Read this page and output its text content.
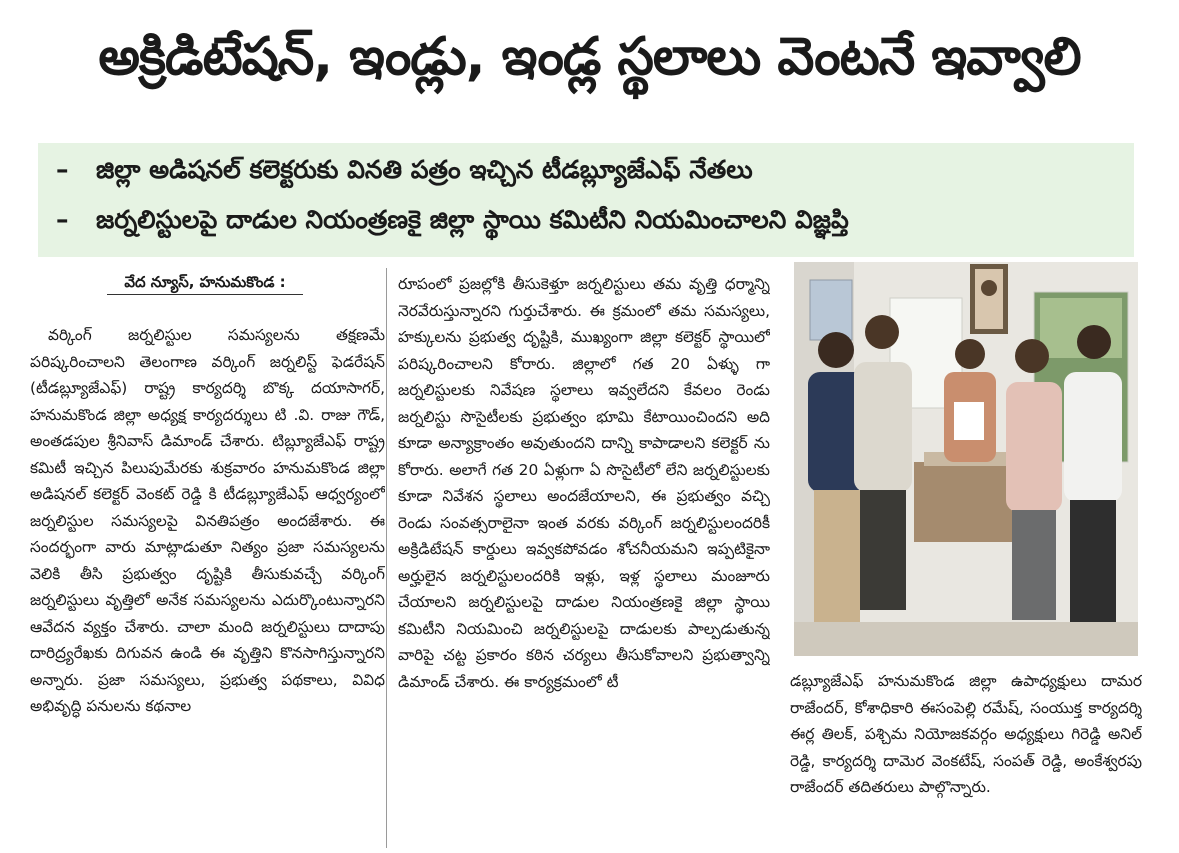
అక్రిడిటేషన్, ఇండ్లు, ఇండ్ల స్థలాలు వెంటనే ఇవ్వాలి
– జిల్లా అడిషనల్ కలెక్టరుకు వినతి పత్రం ఇచ్చిన టీడబ్ల్యూజేఎఫ్ నేతలు
– జర్నలిస్టులపై దాడుల నియంత్రణకై జిల్లా స్థాయి కమిటీని నియమించాలని విజ్ఞప్తి
వేద న్యూస్, హనుమకొండ :
వర్కింగ్ జర్నలిస్టుల సమస్యలను తక్షణమే పరిష్కరించాలని తెలంగాణ వర్కింగ్ జర్నలిస్ట్ ఫెడరేషన్ (టీడబ్ల్యూజేఎఫ్) రాష్ట్ర కార్యదర్శి బొక్క దయాసాగర్, హనుమకొండ జిల్లా అధ్యక్ష కార్యదర్శులు టి .వి. రాజు గౌడ్, అంతడపుల శ్రీనివాస్ డిమాండ్ చేశారు. టిబ్ల్యూజేఎఫ్ రాష్ట్ర కమిటీ ఇచ్చిన పిలుపుమేరకు శుక్రవారం హనుమకొండ జిల్లా అడిషనల్ కలెక్టర్ వెంకట్ రెడ్డి కి టీడబ్ల్యూజేఎఫ్ ఆధ్వర్యంలో జర్నలిస్టుల సమస్యలపై వినతిపత్రం అందజేశారు. ఈ సందర్భంగా వారు మాట్లాడుతూ నిత్యం ప్రజా సమస్యలను వెలికి తీసి ప్రభుత్వం దృష్టికి తీసుకువచ్చే వర్కింగ్ జర్నలిస్టులు వృత్తిలో అనేక సమస్యలను ఎదుర్కొంటున్నారని ఆవేదన వ్యక్తం చేశారు. చాలా మంది జర్నలిస్టులు దాదాపు దారిద్ర్యరేఖకు దిగువన ఉండి ఈ వృత్తిని కొనసాగిస్తున్నారని అన్నారు. ప్రజా సమస్యలు, ప్రభుత్వ పథకాలు, వివిధ అభివృద్ధి పనులను కథనాల
రూపంలో ప్రజల్లోకి తీసుకెళ్తూ జర్నలిస్టులు తమ వృత్తి ధర్మాన్ని నెరవేరుస్తున్నారని గుర్తుచేశారు. ఈ క్రమంలో తమ సమస్యలు, హక్కులను ప్రభుత్వ దృష్టికి, ముఖ్యంగా జిల్లా కలెక్టర్ స్థాయిలో పరిష్కరించాలని కోరారు. జిల్లాలో గత 20 ఏళ్ళు గా జర్నలిస్టులకు నివేషణ స్థలాలు ఇవ్వలేదని కేవలం రెండు జర్నలిస్టు సొసైటీలకు ప్రభుత్వం భూమి కేటాయించిందని అది కూడా అన్యాక్రాంతం అవుతుందని దాన్ని కాపాడాలని కలెక్టర్ ను కోరారు. అలాగే గత 20 ఏళ్లుగా ఏ సొసైటీలో లేని జర్నలిస్టులకు కూడా నివేశన స్థలాలు అందజేయాలని, ఈ ప్రభుత్వం వచ్చి రెండు సంవత్సరాలైనా ఇంత వరకు వర్కింగ్ జర్నలిస్టులందరికీ అక్రిడిటేషన్ కార్డులు ఇవ్వకపోవడం శోచనీయమని ఇప్పటికైనా అర్హులైన జర్నలిస్టులందరికి ఇళ్లు, ఇళ్ల స్థలాలు మంజూరు చేయాలని జర్నలిస్టులపై దాడుల నియంత్రణకై జిల్లా స్థాయి కమిటీని నియమించి జర్నలిస్టులపై దాడులకు పాల్పడుతున్న వారిపై చట్ట ప్రకారం కఠిన చర్యలు తీసుకోవాలని ప్రభుత్వాన్ని డిమాండ్ చేశారు. ఈ కార్యక్రమంలో టీ	డబ్ల్యూజేఎఫ్ హనుమకొండ జిల్లా ఉపాధ్యక్షులు దామర రాజేందర్, కోశాధికారి ఈసంపెల్లి రమేష్, సంయుక్త కార్యదర్శి ఈర్ల తిలక్, పశ్చిమ నియోజకవర్గం అధ్యక్షులు గిరెడ్డి అనిల్ రెడ్డి, కార్యదర్శి దామెర వెంకటేష్, సంపత్ రెడ్డి, అంకేశ్వరపు రాజేందర్ తదితరులు పాల్గొన్నారు.
